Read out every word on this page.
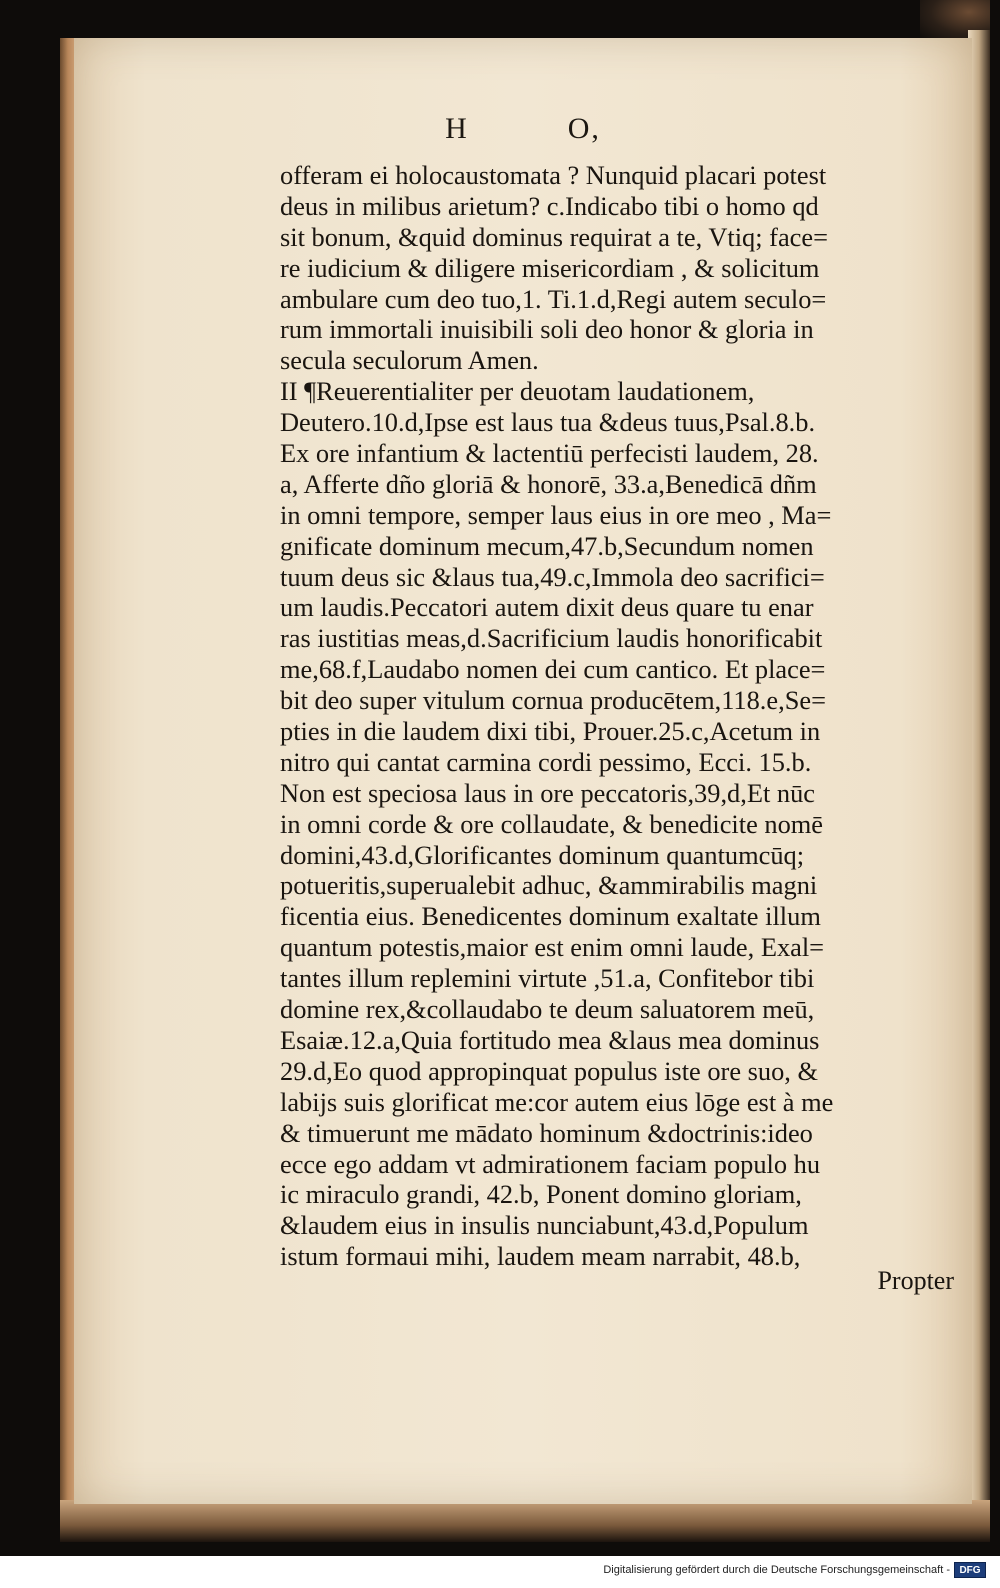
H	O,
offeram ei holocaustomata ? Nunquid placari potest
deus in milibus arietum? c.Indicabo tibi o homo qd
sit bonum, &quid dominus requirat a te, Vtiq; face=
re iudicium & diligere misericordiam , & solicitum
ambulare cum deo tuo,1. Ti.1.d,Regi autem seculo=
rum immortali inuisibili soli deo honor & gloria in
secula seculorum Amen.
II ¶Reuerentialiter per deuotam laudationem,
Deutero.10.d,Ipse est laus tua &deus tuus,Psal.8.b.
Ex ore infantium & lactentiū perfecisti laudem, 28.
a, Afferte dño gloriā & honorē, 33.a,Benedicā dñm
in omni tempore, semper laus eius in ore meo , Ma=
gnificate dominum mecum,47.b,Secundum nomen
tuum deus sic &laus tua,49.c,Immola deo sacrifici=
um laudis.Peccatori autem dixit deus quare tu enar
ras iustitias meas,d.Sacrificium laudis honorificabit
me,68.f,Laudabo nomen dei cum cantico. Et place=
bit deo super vitulum cornua producētem,118.e,Se=
pties in die laudem dixi tibi, Prouer.25.c,Acetum in
nitro qui cantat carmina cordi pessimo, Ecci. 15.b.
Non est speciosa laus in ore peccatoris,39,d,Et nūc
in omni corde & ore collaudate, & benedicite nomē
domini,43.d,Glorificantes dominum quantumcūq;
potueritis,superualebit adhuc, &ammirabilis magni
ficentia eius. Benedicentes dominum exaltate illum
quantum potestis,maior est enim omni laude, Exal=
tantes illum replemini virtute ,51.a, Confitebor tibi
domine rex,&collaudabo te deum saluatorem meū,
Esaiæ.12.a,Quia fortitudo mea &laus mea dominus
29.d,Eo quod appropinquat populus iste ore suo, &
labijs suis glorificat me:cor autem eius lōge est à me
& timuerunt me mādato hominum &doctrinis:ideo
ecce ego addam vt admirationem faciam populo hu
ic miraculo grandi, 42.b, Ponent domino gloriam,
&laudem eius in insulis nunciabunt,43.d,Populum
istum formaui mihi, laudem meam narrabit, 48.b,
Propter
Digitalisierung gefördert durch die Deutsche Forschungsgemeinschaft - DFG
